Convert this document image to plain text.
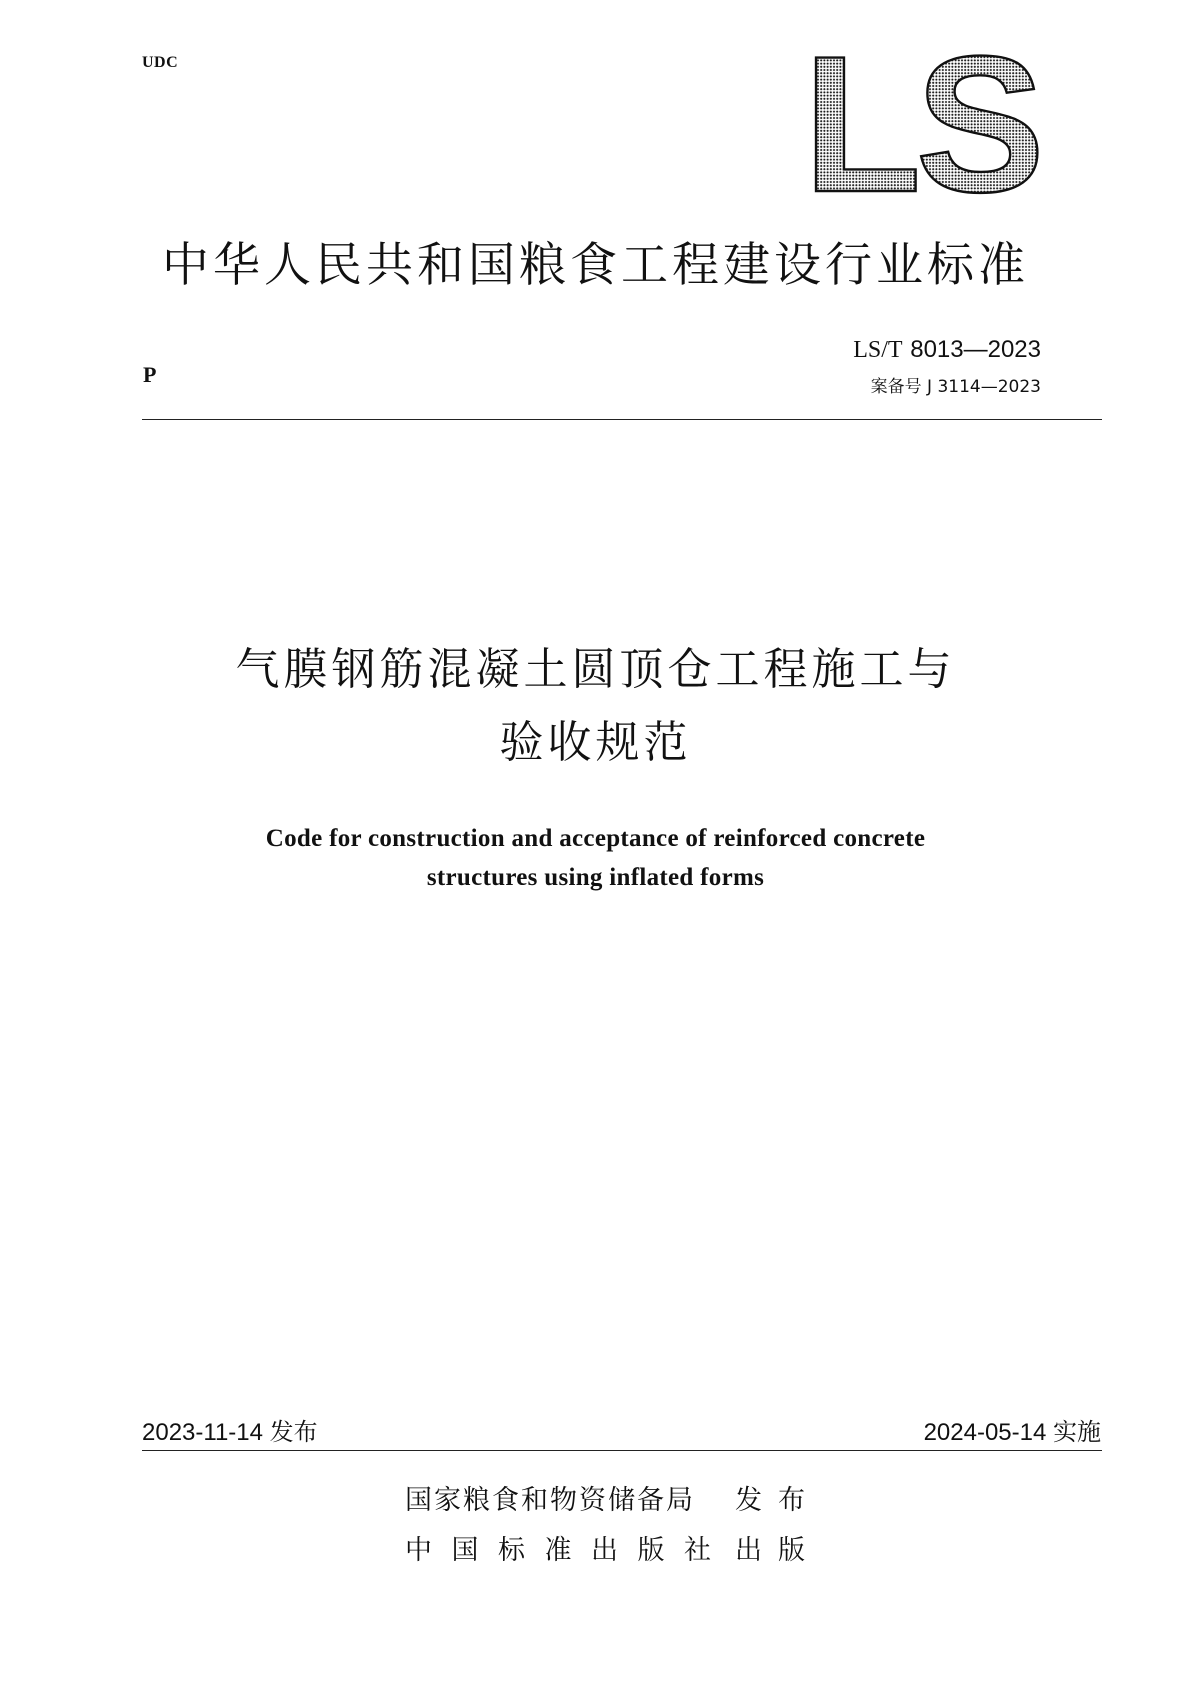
UDC	LS
中华人民共和国粮食工程建设行业标准
P
LS/T 8013—2023
案备号 J 3114—2023
气膜钢筋混凝土圆顶仓工程施工与
验收规范
Code for construction and acceptance of reinforced concrete
structures using inflated forms
2023-11-14 发布	2024-05-14 实施
国家粮食和物资储备局	发布
中国标准出版社 出版
